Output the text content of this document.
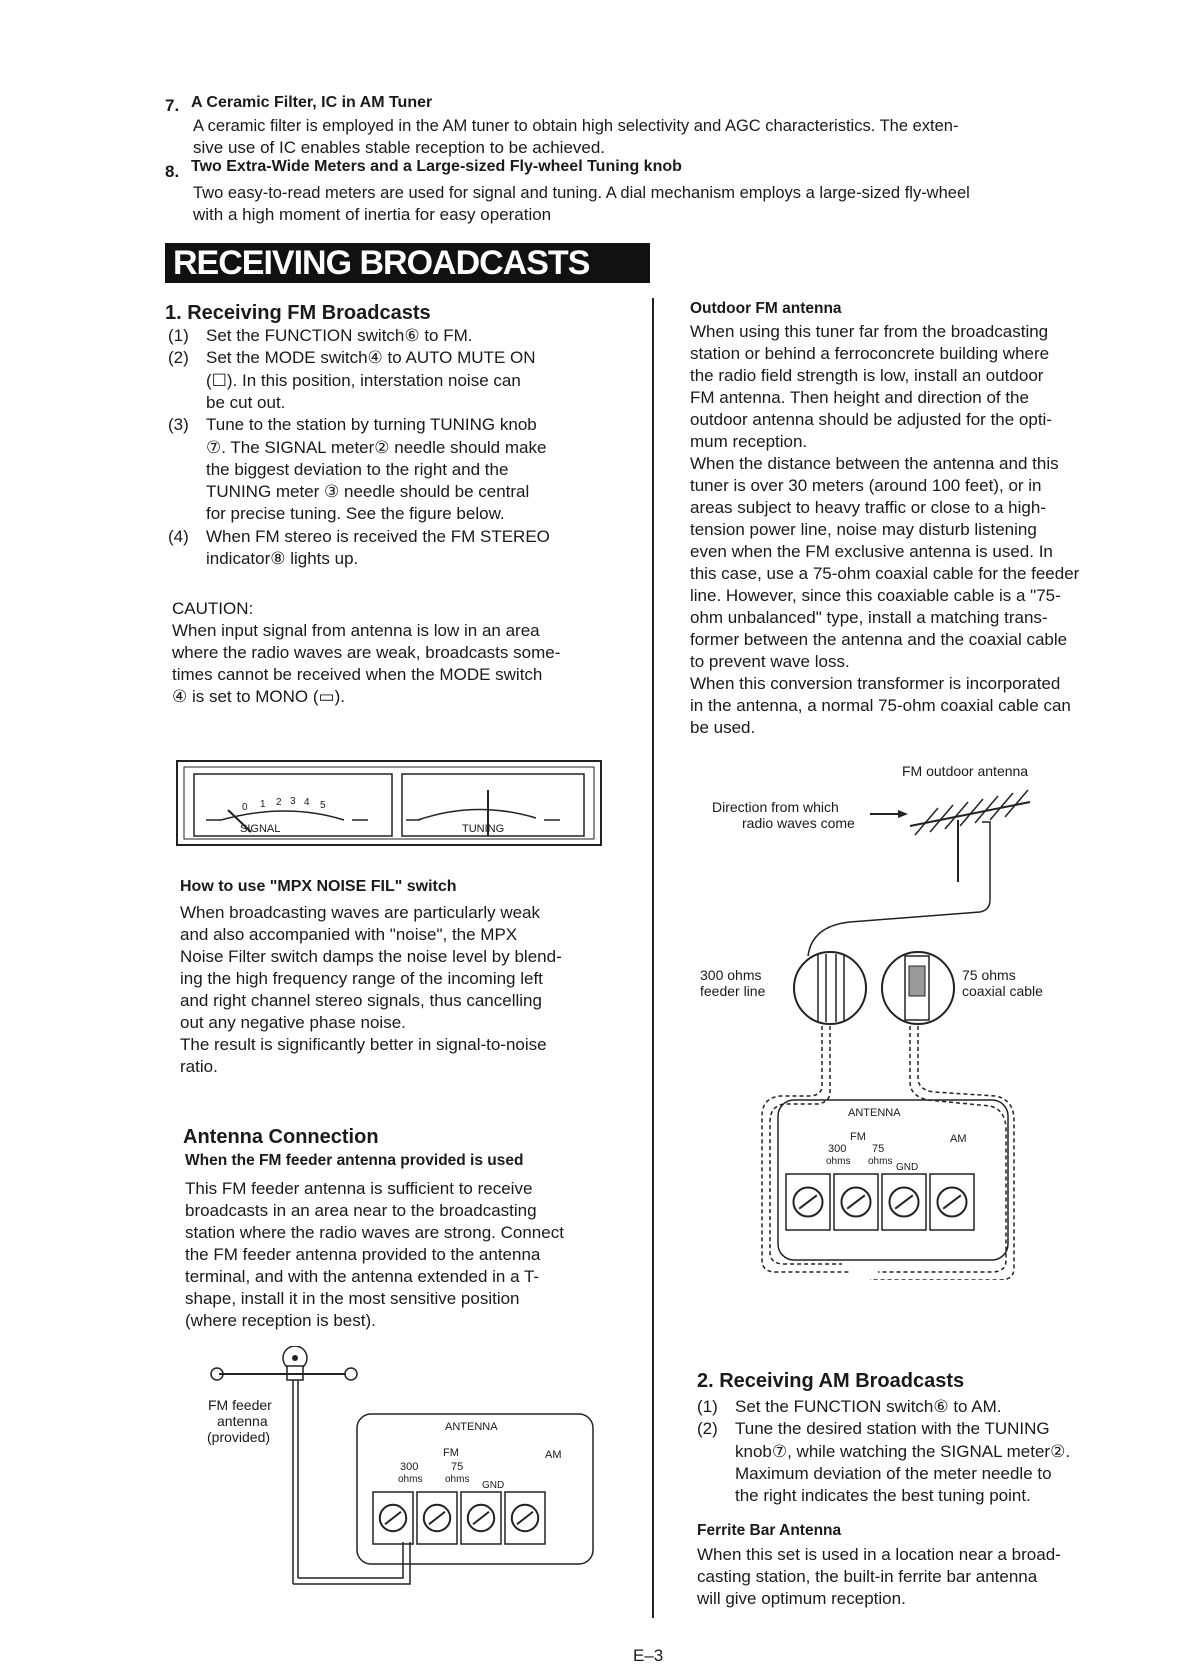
7. A Ceramic Filter, IC in AM Tuner
A ceramic filter is employed in the AM tuner to obtain high selectivity and AGC characteristics. The exten-
sive use of IC enables stable reception to be achieved.
8. Two Extra-Wide Meters and a Large-sized Fly-wheel Tuning knob
Two easy-to-read meters are used for signal and tuning. A dial mechanism employs a large-sized fly-wheel
with a high moment of inertia for easy operation
RECEIVING BROADCASTS
1. Receiving FM Broadcasts
(1) Set the FUNCTION switch⑥ to FM.
(2) Set the MODE switch④ to AUTO MUTE ON
(☐). In this position, interstation noise can
be cut out.
(3) Tune to the station by turning TUNING knob
⑦. The SIGNAL meter② needle should make
the biggest deviation to the right and the
TUNING meter ③ needle should be central
for precise tuning. See the figure below.
(4) When FM stereo is received the FM STEREO
indicator⑧ lights up.
CAUTION:
When input signal from antenna is low in an area
where the radio waves are weak, broadcasts some-
times cannot be received when the MODE switch
④ is set to MONO (▭).
SIGNAL
0 1 2 3 4 5
TUNING
How to use "MPX NOISE FIL" switch
When broadcasting waves are particularly weak
and also accompanied with "noise", the MPX
Noise Filter switch damps the noise level by blend-
ing the high frequency range of the incoming left
and right channel stereo signals, thus cancelling
out any negative phase noise.
The result is significantly better in signal-to-noise
ratio.
Antenna Connection
When the FM feeder antenna provided is used
This FM feeder antenna is sufficient to receive
broadcasts in an area near to the broadcasting
station where the radio waves are strong. Connect
the FM feeder antenna provided to the antenna
terminal, and with the antenna extended in a T-
shape, install it in the most sensitive position
(where reception is best).
FM feeder
antenna
(provided)
ANTENNA
FM
300	75
ohms ohms
GND
AM
Outdoor FM antenna
When using this tuner far from the broadcasting
station or behind a ferroconcrete building where
the radio field strength is low, install an outdoor
FM antenna. Then height and direction of the
outdoor antenna should be adjusted for the opti-
mum reception.
When the distance between the antenna and this
tuner is over 30 meters (around 100 feet), or in
areas subject to heavy traffic or close to a high-
tension power line, noise may disturb listening
even when the FM exclusive antenna is used. In
this case, use a 75-ohm coaxial cable for the feeder
line. However, since this coaxiable cable is a "75-
ohm unbalanced" type, install a matching trans-
former between the antenna and the coaxial cable
to prevent wave loss.
When this conversion transformer is incorporated
in the antenna, a normal 75-ohm coaxial cable can
be used.
FM outdoor antenna
Direction from which
radio waves come
300 ohms
feeder line
75 ohms
coaxial cable
ANTENNA
FM
300 75
ohms ohms
GND
AM
2. Receiving AM Broadcasts
(1) Set the FUNCTION switch⑥ to AM.
(2) Tune the desired station with the TUNING
knob⑦, while watching the SIGNAL meter②.
Maximum deviation of the meter needle to
the right indicates the best tuning point.
Ferrite Bar Antenna
When this set is used in a location near a broad-
casting station, the built-in ferrite bar antenna
will give optimum reception.
E–3
